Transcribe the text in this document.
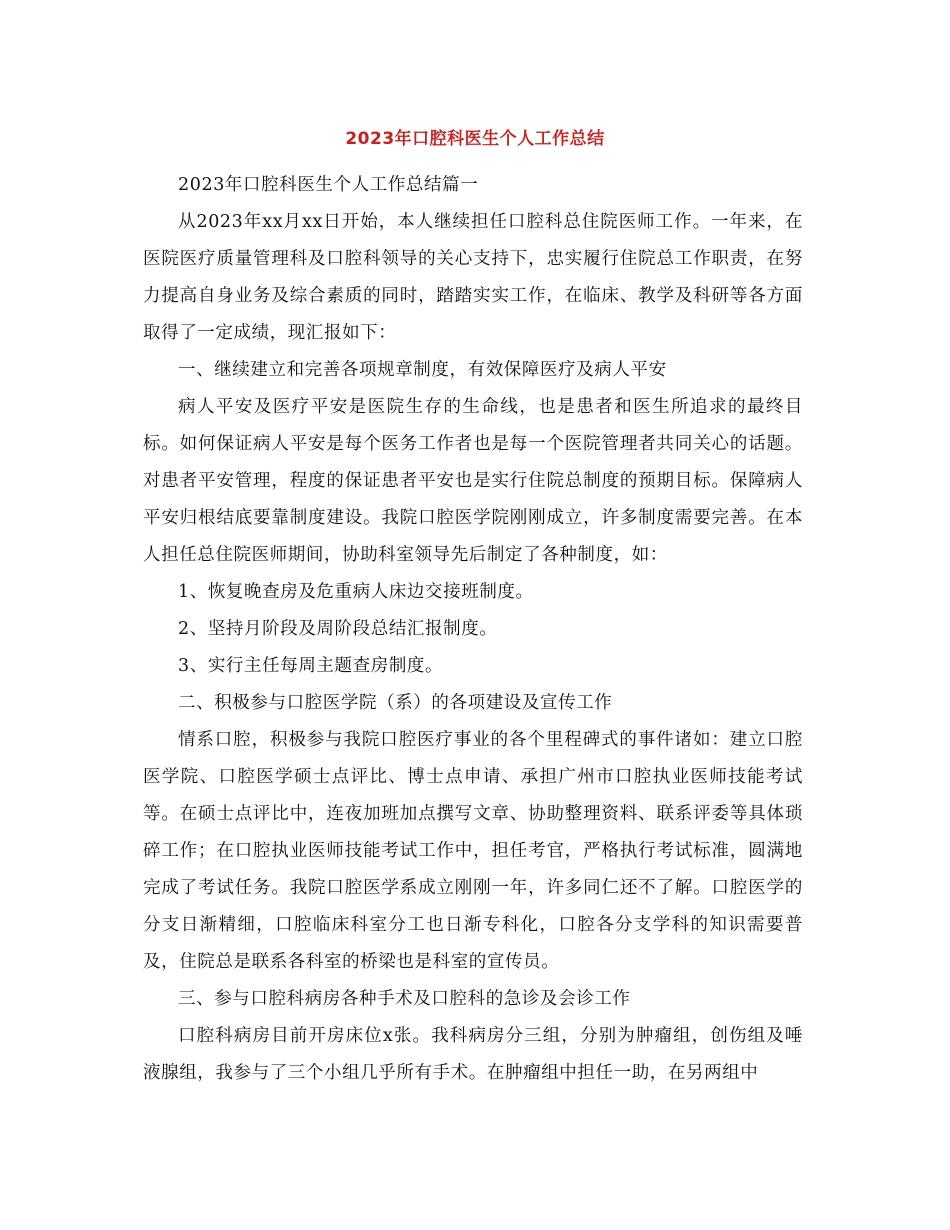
2023年口腔科医生个人工作总结

2023年口腔科医生个人工作总结篇一

从2023年xx月xx日开始，本人继续担任口腔科总住院医师工作。一年来，在医院医疗质量管理科及口腔科领导的关心支持下，忠实履行住院总工作职责，在努力提高自身业务及综合素质的同时，踏踏实实工作，在临床、教学及科研等各方面取得了一定成绩，现汇报如下：

一、继续建立和完善各项规章制度，有效保障医疗及病人平安

病人平安及医疗平安是医院生存的生命线，也是患者和医生所追求的最终目标。如何保证病人平安是每个医务工作者也是每一个医院管理者共同关心的话题。对患者平安管理，程度的保证患者平安也是实行住院总制度的预期目标。保障病人平安归根结底要靠制度建设。我院口腔医学院刚刚成立，许多制度需要完善。在本人担任总住院医师期间，协助科室领导先后制定了各种制度，如：

1、恢复晚查房及危重病人床边交接班制度。

2、坚持月阶段及周阶段总结汇报制度。

3、实行主任每周主题查房制度。

二、积极参与口腔医学院（系）的各项建设及宣传工作

情系口腔，积极参与我院口腔医疗事业的各个里程碑式的事件诸如：建立口腔医学院、口腔医学硕士点评比、博士点申请、承担广州市口腔执业医师技能考试等。在硕士点评比中，连夜加班加点撰写文章、协助整理资料、联系评委等具体琐碎工作；在口腔执业医师技能考试工作中，担任考官，严格执行考试标准，圆满地完成了考试任务。我院口腔医学系成立刚刚一年，许多同仁还不了解。口腔医学的分支日渐精细，口腔临床科室分工也日渐专科化，口腔各分支学科的知识需要普及，住院总是联系各科室的桥梁也是科室的宣传员。

三、参与口腔科病房各种手术及口腔科的急诊及会诊工作

口腔科病房目前开房床位x张。我科病房分三组，分别为肿瘤组，创伤组及唾液腺组，我参与了三个小组几乎所有手术。在肿瘤组中担任一助，在另两组中
